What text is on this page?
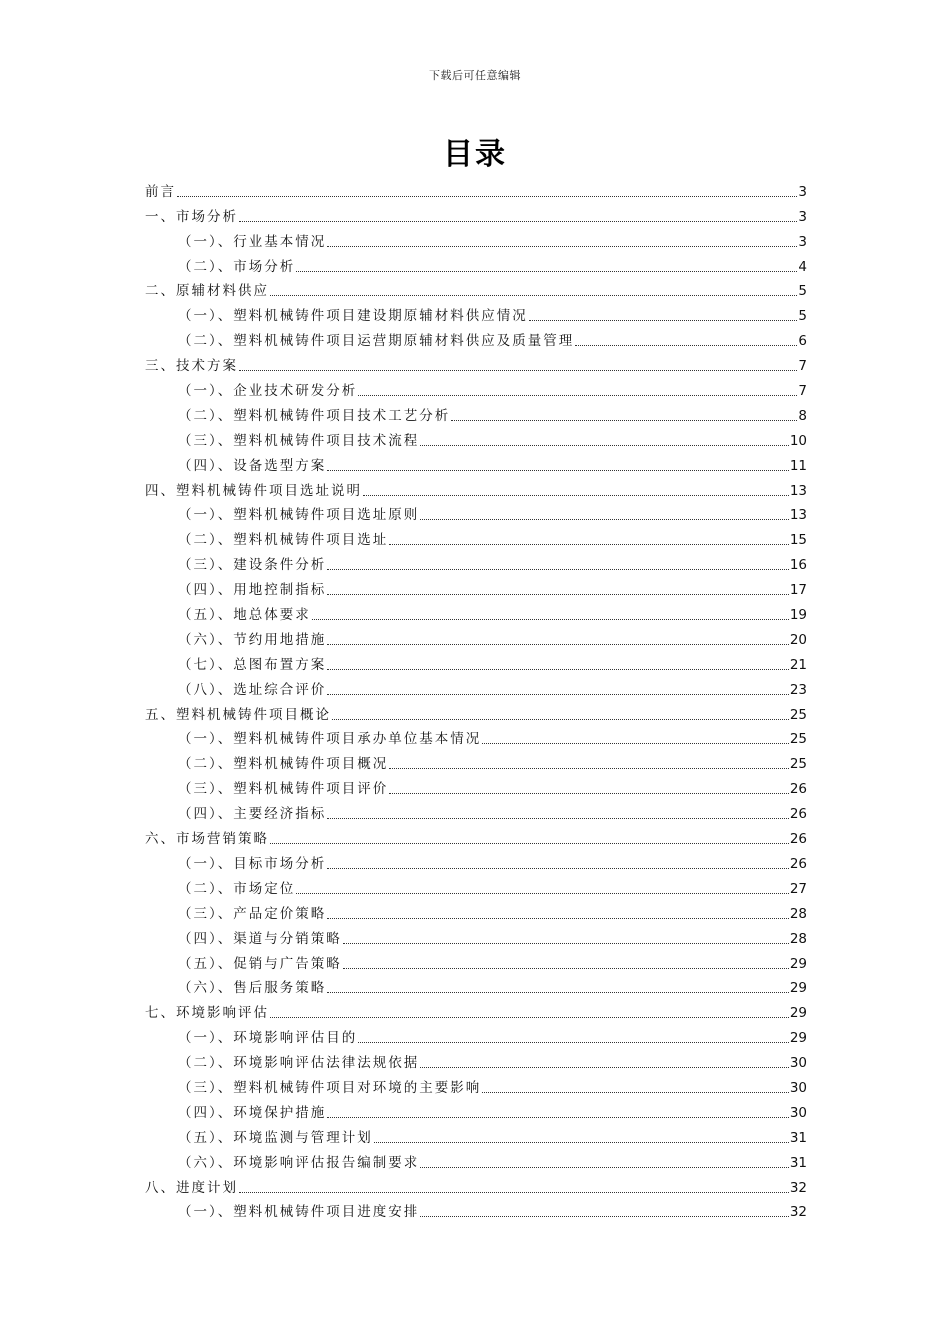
下载后可任意编辑
目录
前言	3
一、市场分析	3
（一）、行业基本情况	3
（二）、市场分析	4
二、原辅材料供应	5
（一）、塑料机械铸件项目建设期原辅材料供应情况	5
（二）、塑料机械铸件项目运营期原辅材料供应及质量管理	6
三、技术方案	7
（一）、企业技术研发分析	7
（二）、塑料机械铸件项目技术工艺分析	8
（三）、塑料机械铸件项目技术流程	10
（四）、设备选型方案	11
四、塑料机械铸件项目选址说明	13
（一）、塑料机械铸件项目选址原则	13
（二）、塑料机械铸件项目选址	15
（三）、建设条件分析	16
（四）、用地控制指标	17
（五）、地总体要求	19
（六）、节约用地措施	20
（七）、总图布置方案	21
（八）、选址综合评价	23
五、塑料机械铸件项目概论	25
（一）、塑料机械铸件项目承办单位基本情况	25
（二）、塑料机械铸件项目概况	25
（三）、塑料机械铸件项目评价	26
（四）、主要经济指标	26
六、市场营销策略	26
（一）、目标市场分析	26
（二）、市场定位	27
（三）、产品定价策略	28
（四）、渠道与分销策略	28
（五）、促销与广告策略	29
（六）、售后服务策略	29
七、环境影响评估	29
（一）、环境影响评估目的	29
（二）、环境影响评估法律法规依据	30
（三）、塑料机械铸件项目对环境的主要影响	30
（四）、环境保护措施	30
（五）、环境监测与管理计划	31
（六）、环境影响评估报告编制要求	31
八、进度计划	32
（一）、塑料机械铸件项目进度安排	32
